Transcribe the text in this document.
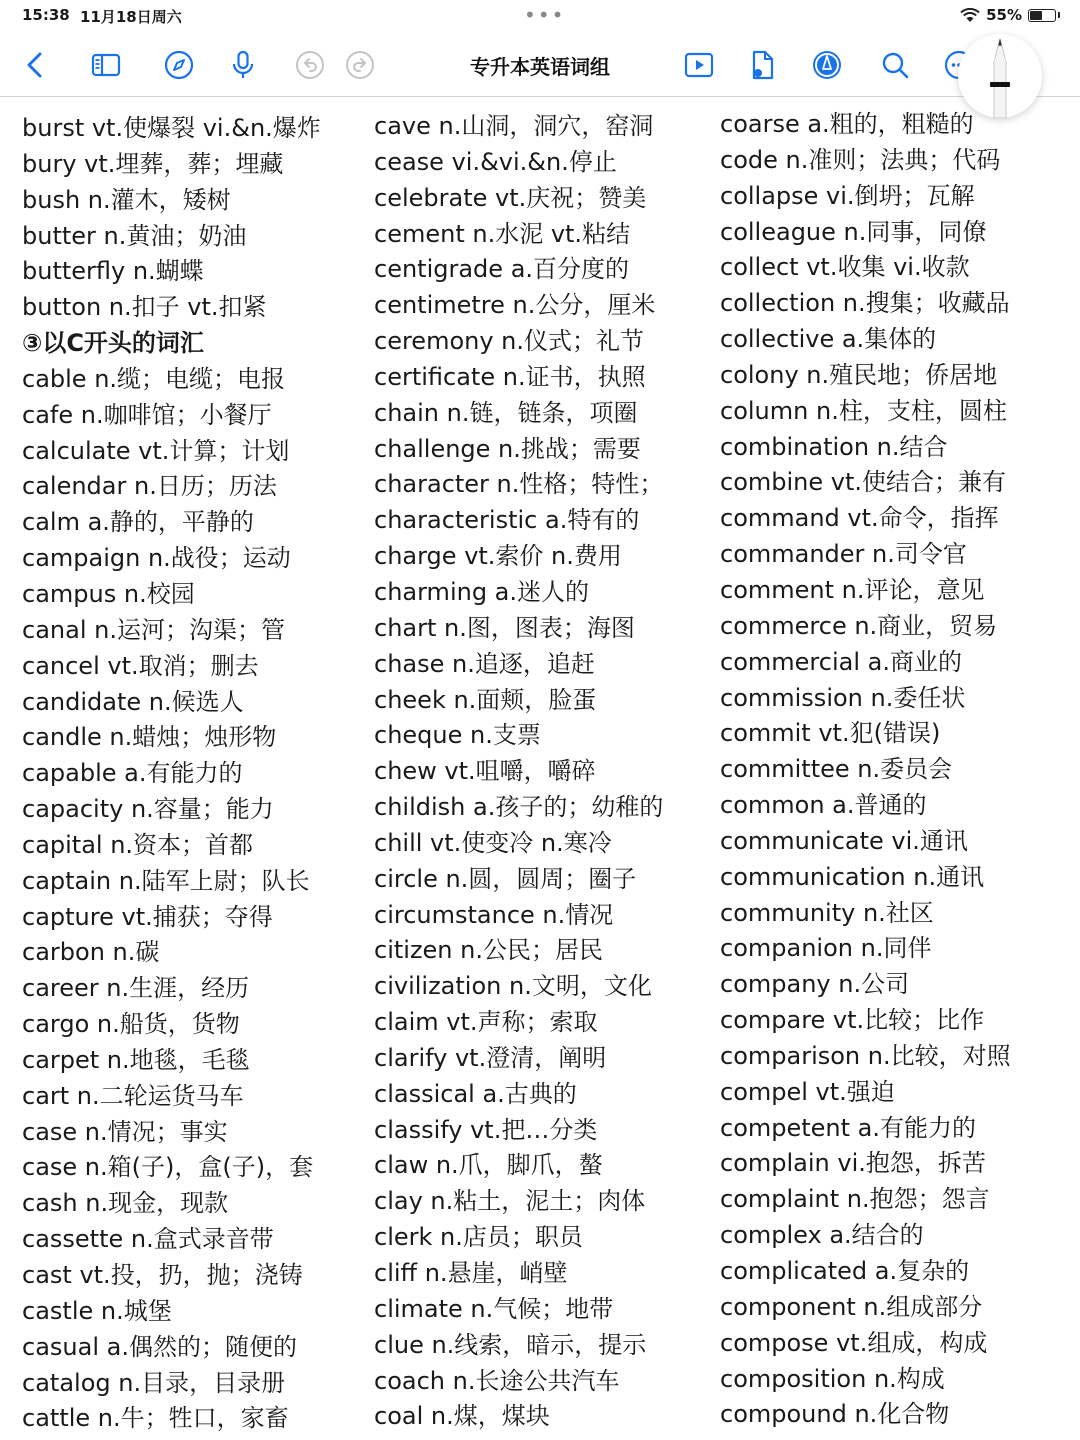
15:38 11月18日周六	•••	55%
专升本英语词组
burst vt.使爆裂 vi.&n.爆炸
bury vt.埋葬，葬；埋藏
bush n.灌木，矮树
butter n.黄油；奶油
butterfly n.蝴蝶
button n.扣子 vt.扣紧
③以C开头的词汇
cable n.缆；电缆；电报
cafe n.咖啡馆；小餐厅
calculate vt.计算；计划
calendar n.日历；历法
calm a.静的，平静的
campaign n.战役；运动
campus n.校园
canal n.运河；沟渠；管
cancel vt.取消；删去
candidate n.候选人
candle n.蜡烛；烛形物
capable a.有能力的
capacity n.容量；能力
capital n.资本；首都
captain n.陆军上尉；队长
capture vt.捕获；夺得
carbon n.碳
career n.生涯，经历
cargo n.船货，货物
carpet n.地毯，毛毯
cart n.二轮运货马车
case n.情况；事实
case n.箱(子)，盒(子)，套
cash n.现金，现款
cassette n.盒式录音带
cast vt.投，扔，抛；浇铸
castle n.城堡
casual a.偶然的；随便的
catalog n.目录，目录册
cattle n.牛；牲口，家畜
cave n.山洞，洞穴，窑洞
cease vi.&vi.&n.停止
celebrate vt.庆祝；赞美
cement n.水泥 vt.粘结
centigrade a.百分度的
centimetre n.公分，厘米
ceremony n.仪式；礼节
certificate n.证书，执照
chain n.链，链条，项圈
challenge n.挑战；需要
character n.性格；特性；
characteristic a.特有的
charge vt.索价 n.费用
charming a.迷人的
chart n.图，图表；海图
chase n.追逐，追赶
cheek n.面颊，脸蛋
cheque n.支票
chew vt.咀嚼，嚼碎
childish a.孩子的；幼稚的
chill vt.使变冷 n.寒冷
circle n.圆，圆周；圈子
circumstance n.情况
citizen n.公民；居民
civilization n.文明，文化
claim vt.声称；索取
clarify vt.澄清，阐明
classical a.古典的
classify vt.把…分类
claw n.爪，脚爪，螯
clay n.粘土，泥土；肉体
clerk n.店员；职员
cliff n.悬崖，峭壁
climate n.气候；地带
clue n.线索，暗示，提示
coach n.长途公共汽车
coal n.煤，煤块
coarse a.粗的，粗糙的
code n.准则；法典；代码
collapse vi.倒坍；瓦解
colleague n.同事，同僚
collect vt.收集 vi.收款
collection n.搜集；收藏品
collective a.集体的
colony n.殖民地；侨居地
column n.柱，支柱，圆柱
combination n.结合
combine vt.使结合；兼有
command vt.命令，指挥
commander n.司令官
comment n.评论，意见
commerce n.商业，贸易
commercial a.商业的
commission n.委任状
commit vt.犯(错误)
committee n.委员会
common a.普通的
communicate vi.通讯
communication n.通讯
community n.社区
companion n.同伴
company n.公司
compare vt.比较；比作
comparison n.比较，对照
compel vt.强迫
competent a.有能力的
complain vi.抱怨，拆苦
complaint n.抱怨；怨言
complex a.结合的
complicated a.复杂的
component n.组成部分
compose vt.组成，构成
composition n.构成
compound n.化合物
